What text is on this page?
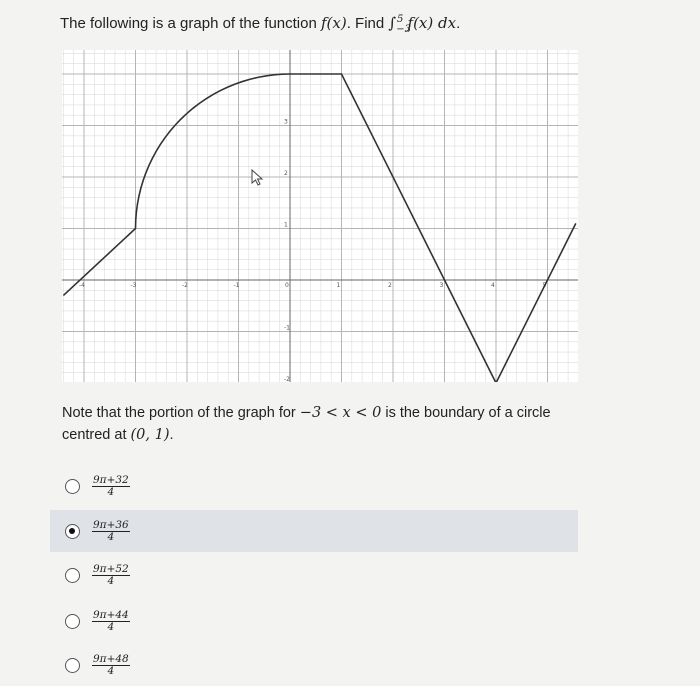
The following is a graph of the function f(x). Find $\int_{-3}^5$ f(x) dx.
-4	-3	-2	-1	0	1	2	3	4	5
3
2
1
-1
-2
Note that the portion of the graph for −3 < x < 0 is the boundary of a circle centred at (0, 1).
$\frac{9\pi+32}{4}$
$\frac{9\pi+36}{4}$
$\frac{9\pi+52}{4}$
$\frac{9\pi+44}{4}$
$\frac{9\pi+48}{4}$
